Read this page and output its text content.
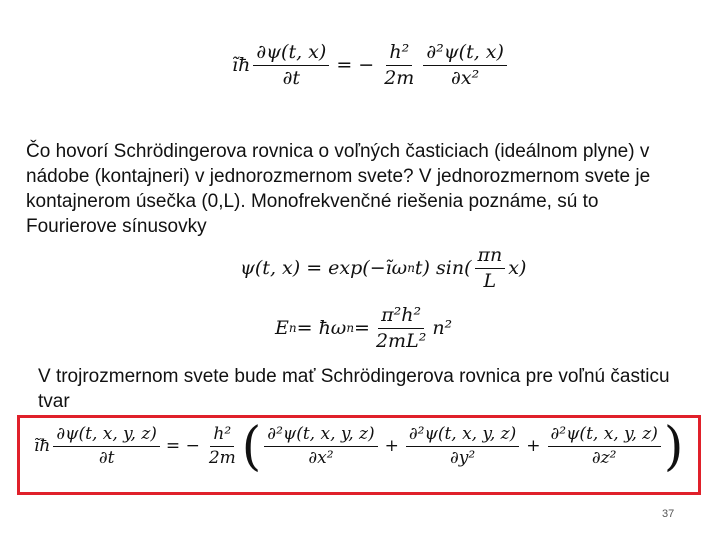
ĩħ $\frac{\partial\psi(t, x)}{\partial t}$ = − $\frac{\text{h²}}{2m} \frac{\text{∂²ψ(t, x)}}{\text{∂x²}}$
Čo hovorí Schrödingerova rovnica o voľných časticiach (ideálnom plyne) v nádobe (kontajneri) v jednorozmernom svete? V jednorozmernom svete je kontajnerom úsečka (0,L). Monofrekvenčné riešenia poznáme, sú to Fourierove sínusovky
ψ(t, x) = exp(−ĩω n t) $\sin( \frac{\pi n}{L} x)$
E n = ħω $n = \frac{\text{π²h²}}{\text{2mL²}} n^2$
V trojrozmernom svete bude mať Schrödingerova rovnica pre voľnú časticu tvar
ĩħ $\frac{\partial\psi(t, x, y, z)}{\partial t}$ = − $\frac{\text{h²}}{2m}$ ( $\frac{\text{∂²ψ(t, x, y, z)}}{\text{∂x²}} + \frac{\text{∂²ψ(t, x, y, z)}}{\text{∂y²}} + \frac{\text{∂²ψ(t, x, y, z)}}{\text{∂z²}}$ )
37
